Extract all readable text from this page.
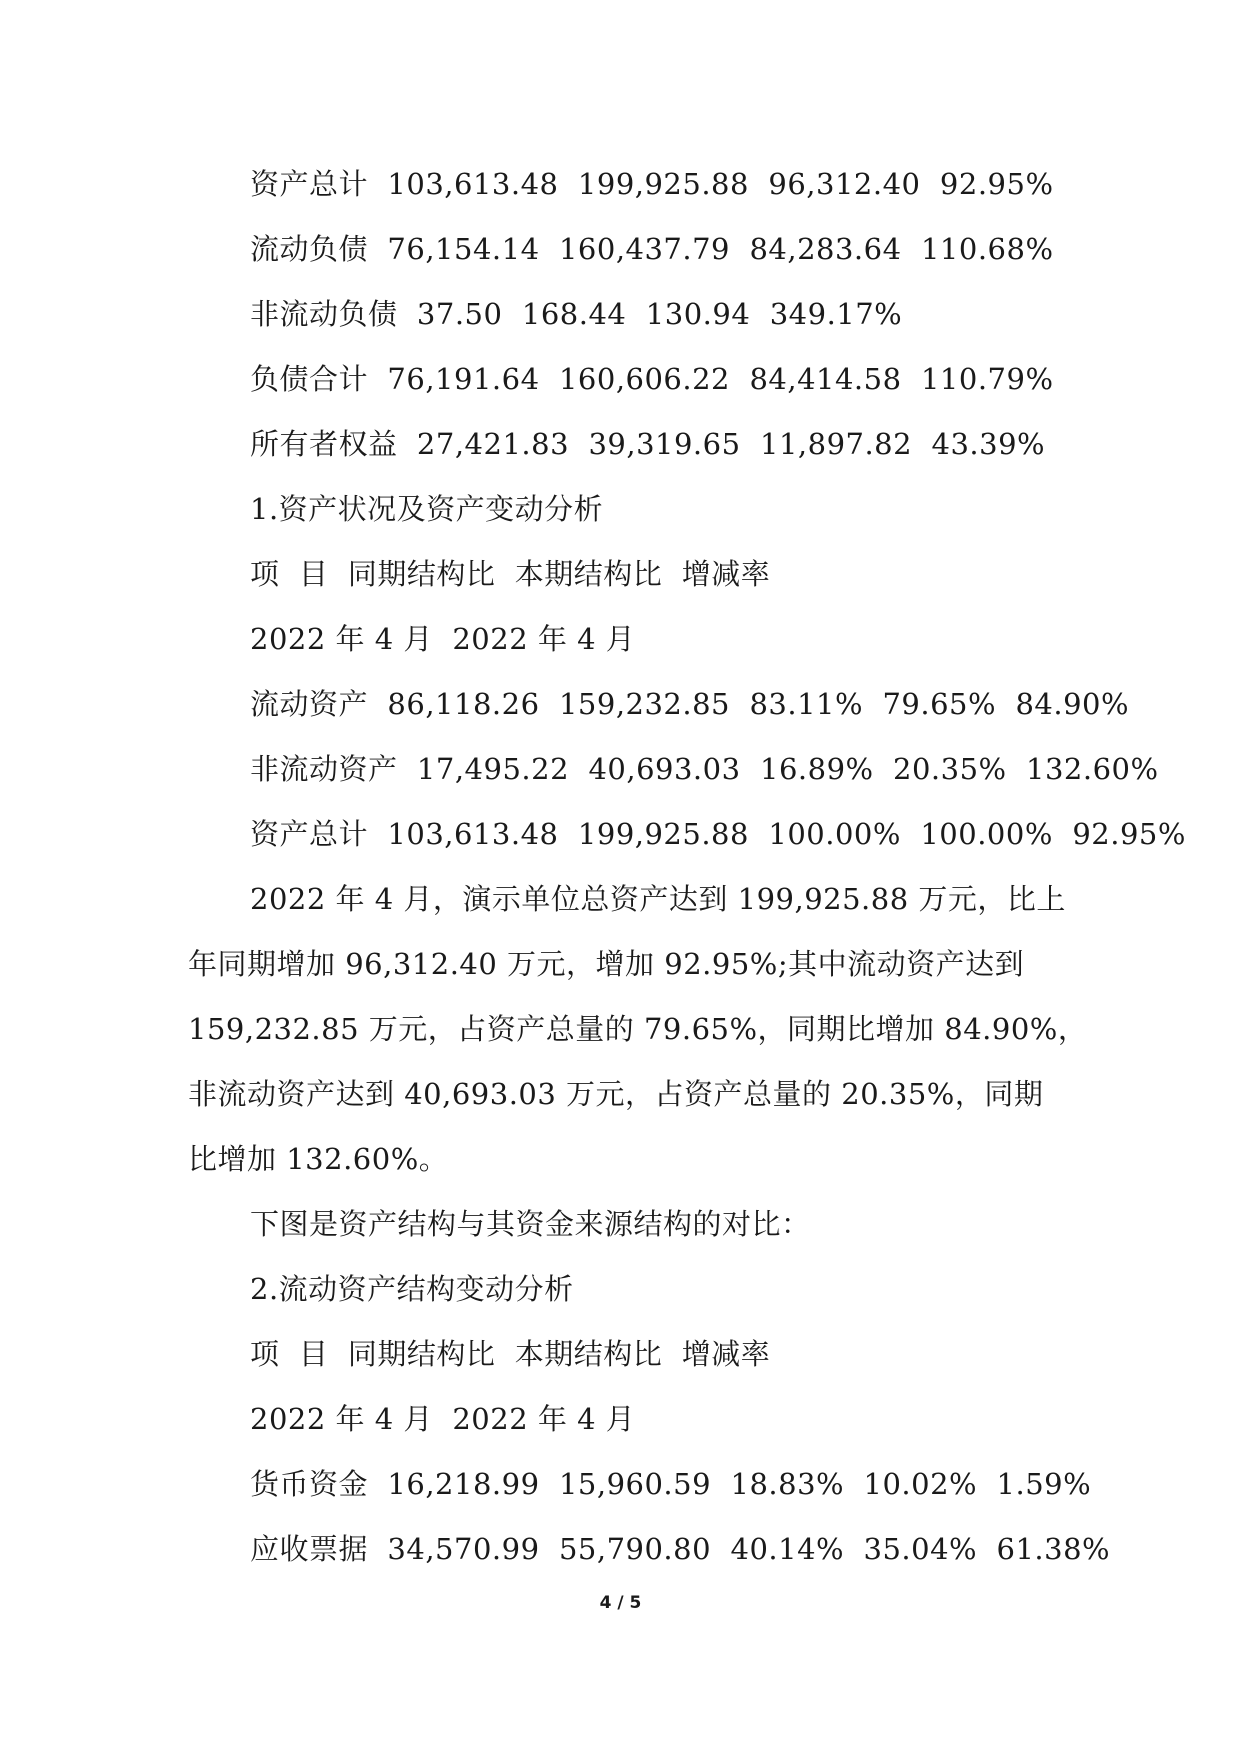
资产总计  103,613.48  199,925.88  96,312.40  92.95%
流动负债  76,154.14  160,437.79  84,283.64  110.68%
非流动负债  37.50  168.44  130.94  349.17%
负债合计  76,191.64  160,606.22  84,414.58  110.79%
所有者权益  27,421.83  39,319.65  11,897.82  43.39%
1.资产状况及资产变动分析
项  目  同期结构比  本期结构比  增减率
2022 年 4 月  2022 年 4 月
流动资产  86,118.26  159,232.85  83.11%  79.65%  84.90%
非流动资产  17,495.22  40,693.03  16.89%  20.35%  132.60%
资产总计  103,613.48  199,925.88  100.00%  100.00%  92.95%
2022 年 4 月，演示单位总资产达到 199,925.88 万元，比上
年同期增加 96,312.40 万元，增加 92.95%;其中流动资产达到
159,232.85 万元，占资产总量的 79.65%，同期比增加 84.90%，
非流动资产达到 40,693.03 万元，占资产总量的 20.35%，同期
比增加 132.60%。
下图是资产结构与其资金来源结构的对比：
2.流动资产结构变动分析
项  目  同期结构比  本期结构比  增减率
2022 年 4 月  2022 年 4 月
货币资金  16,218.99  15,960.59  18.83%  10.02%  1.59%
应收票据  34,570.99  55,790.80  40.14%  35.04%  61.38%
4 / 5
